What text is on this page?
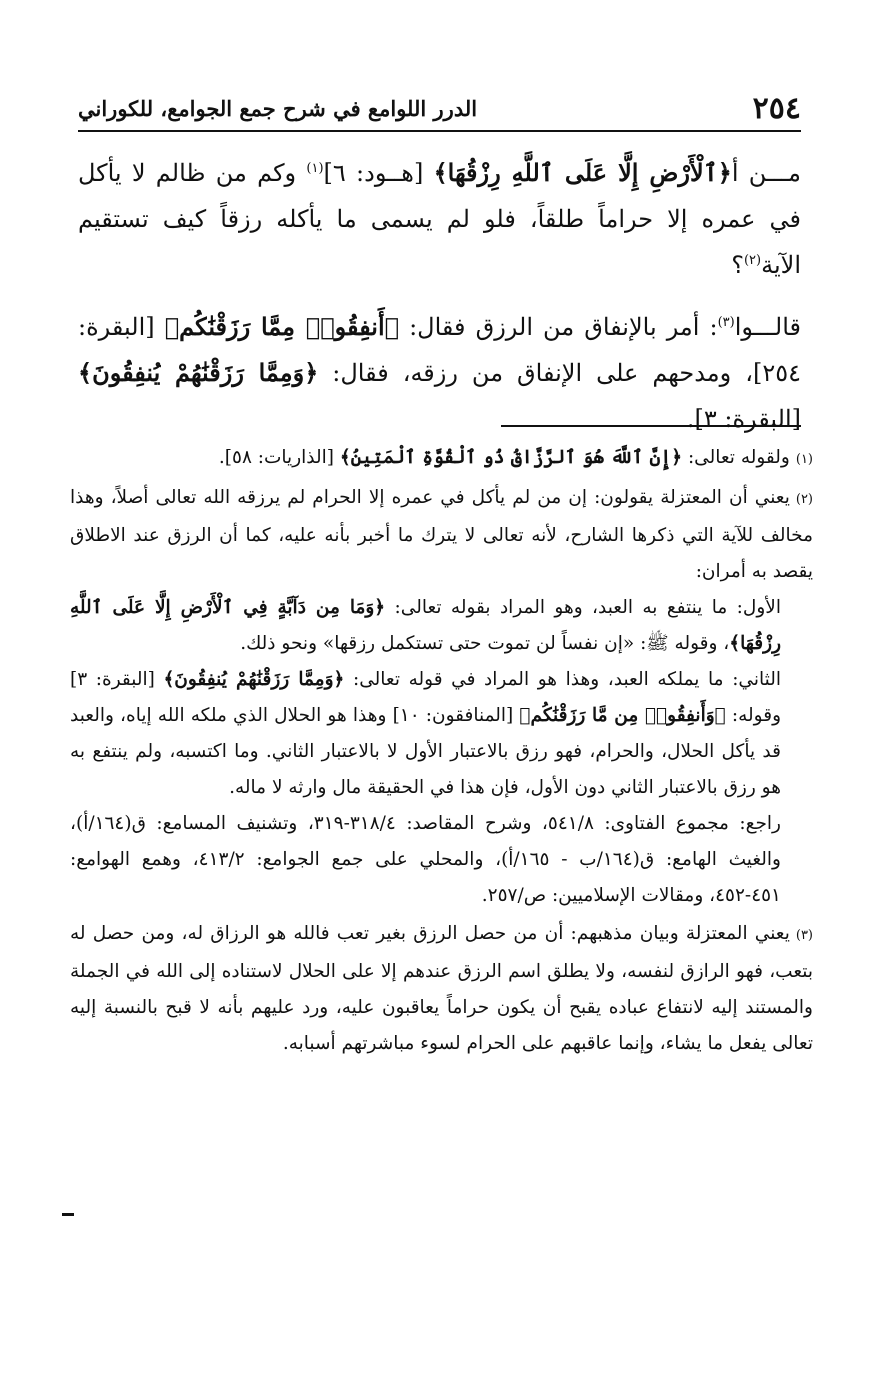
٢٥٤
الدرر اللوامع في شرح جمع الجوامع، للكوراني

مـــن أ﴿ٱلْأَرْضِ إِلَّا عَلَى ٱللَّهِ رِزْقُهَا﴾ [هــود: ٦]$^{(١)}$ وكم من ظالم لا يأكل في عمره إلا حراماً طلقاً، فلو لم يسمى ما يأكله رزقاً كيف تستقيم الآية$^{(٢)}$؟

قالـــوا$^{(٣)}$: أمر بالإنفاق من الرزق فقال: ﴿أَنفِقُوا۟ مِمَّا رَزَقْنَٰكُم﴾ [البقرة: ٢٥٤]، ومدحهم على الإنفاق من رزقه، فقال: ﴿وَمِمَّا رَزَقْنَٰهُمْ يُنفِقُونَ﴾ [البقرة: ٣].

(١)ولقوله تعالى: ﴿إِنَّ ٱللَّهَ هُوَ ٱلرَّزَّاقُ ذُو ٱلْقُوَّةِ ٱلْمَتِينُ﴾ [الذاريات: ٥٨].

(٢)يعني أن المعتزلة يقولون: إن من لم يأكل في عمره إلا الحرام لم يرزقه الله تعالى أصلاً، وهذا مخالف للآية التي ذكرها الشارح، لأنه تعالى لا يترك ما أخبر بأنه عليه، كما أن الرزق عند الاطلاق يقصد به أمران:

الأول: ما ينتفع به العبد، وهو المراد بقوله تعالى: ﴿وَمَا مِن دَآبَّةٍ فِي ٱلْأَرْضِ إِلَّا عَلَى ٱللَّهِ رِزْقُهَا﴾، وقوله ﷺ: «إن نفساً لن تموت حتى تستكمل رزقها» ونحو ذلك.

الثاني: ما يملكه العبد، وهذا هو المراد في قوله تعالى: ﴿وَمِمَّا رَزَقْنَٰهُمْ يُنفِقُونَ﴾ [البقرة: ٣] وقوله: ﴿وَأَنفِقُوا۟ مِن مَّا رَزَقْنَٰكُم﴾ [المنافقون: ١٠] وهذا هو الحلال الذي ملكه الله إياه، والعبد قد يأكل الحلال، والحرام، فهو رزق بالاعتبار الأول لا بالاعتبار الثاني. وما اكتسبه، ولم ينتفع به هو رزق بالاعتبار الثاني دون الأول، فإن هذا في الحقيقة مال وارثه لا ماله.

راجع: مجموع الفتاوى: ٥٤١/٨، وشرح المقاصد: ٣١٨/٤-٣١٩، وتشنيف المسامع: ق(١٦٤/أ)، والغيث الهامع: ق(١٦٤/ب - ١٦٥/أ)، والمحلي على جمع الجوامع: ٤١٣/٢، وهمع الهوامع: ٤٥١-٤٥٢، ومقالات الإسلاميين: ص/٢٥٧.

(٣)يعني المعتزلة وبيان مذهبهم: أن من حصل الرزق بغير تعب فالله هو الرزاق له، ومن حصل له بتعب، فهو الرازق لنفسه، ولا يطلق اسم الرزق عندهم إلا على الحلال لاستناده إلى الله في الجملة والمستند إليه لانتفاع عباده يقبح أن يكون حراماً يعاقبون عليه، ورد عليهم بأنه لا قبح بالنسبة إليه تعالى يفعل ما يشاء، وإنما عاقبهم على الحرام لسوء مباشرتهم أسبابه.
